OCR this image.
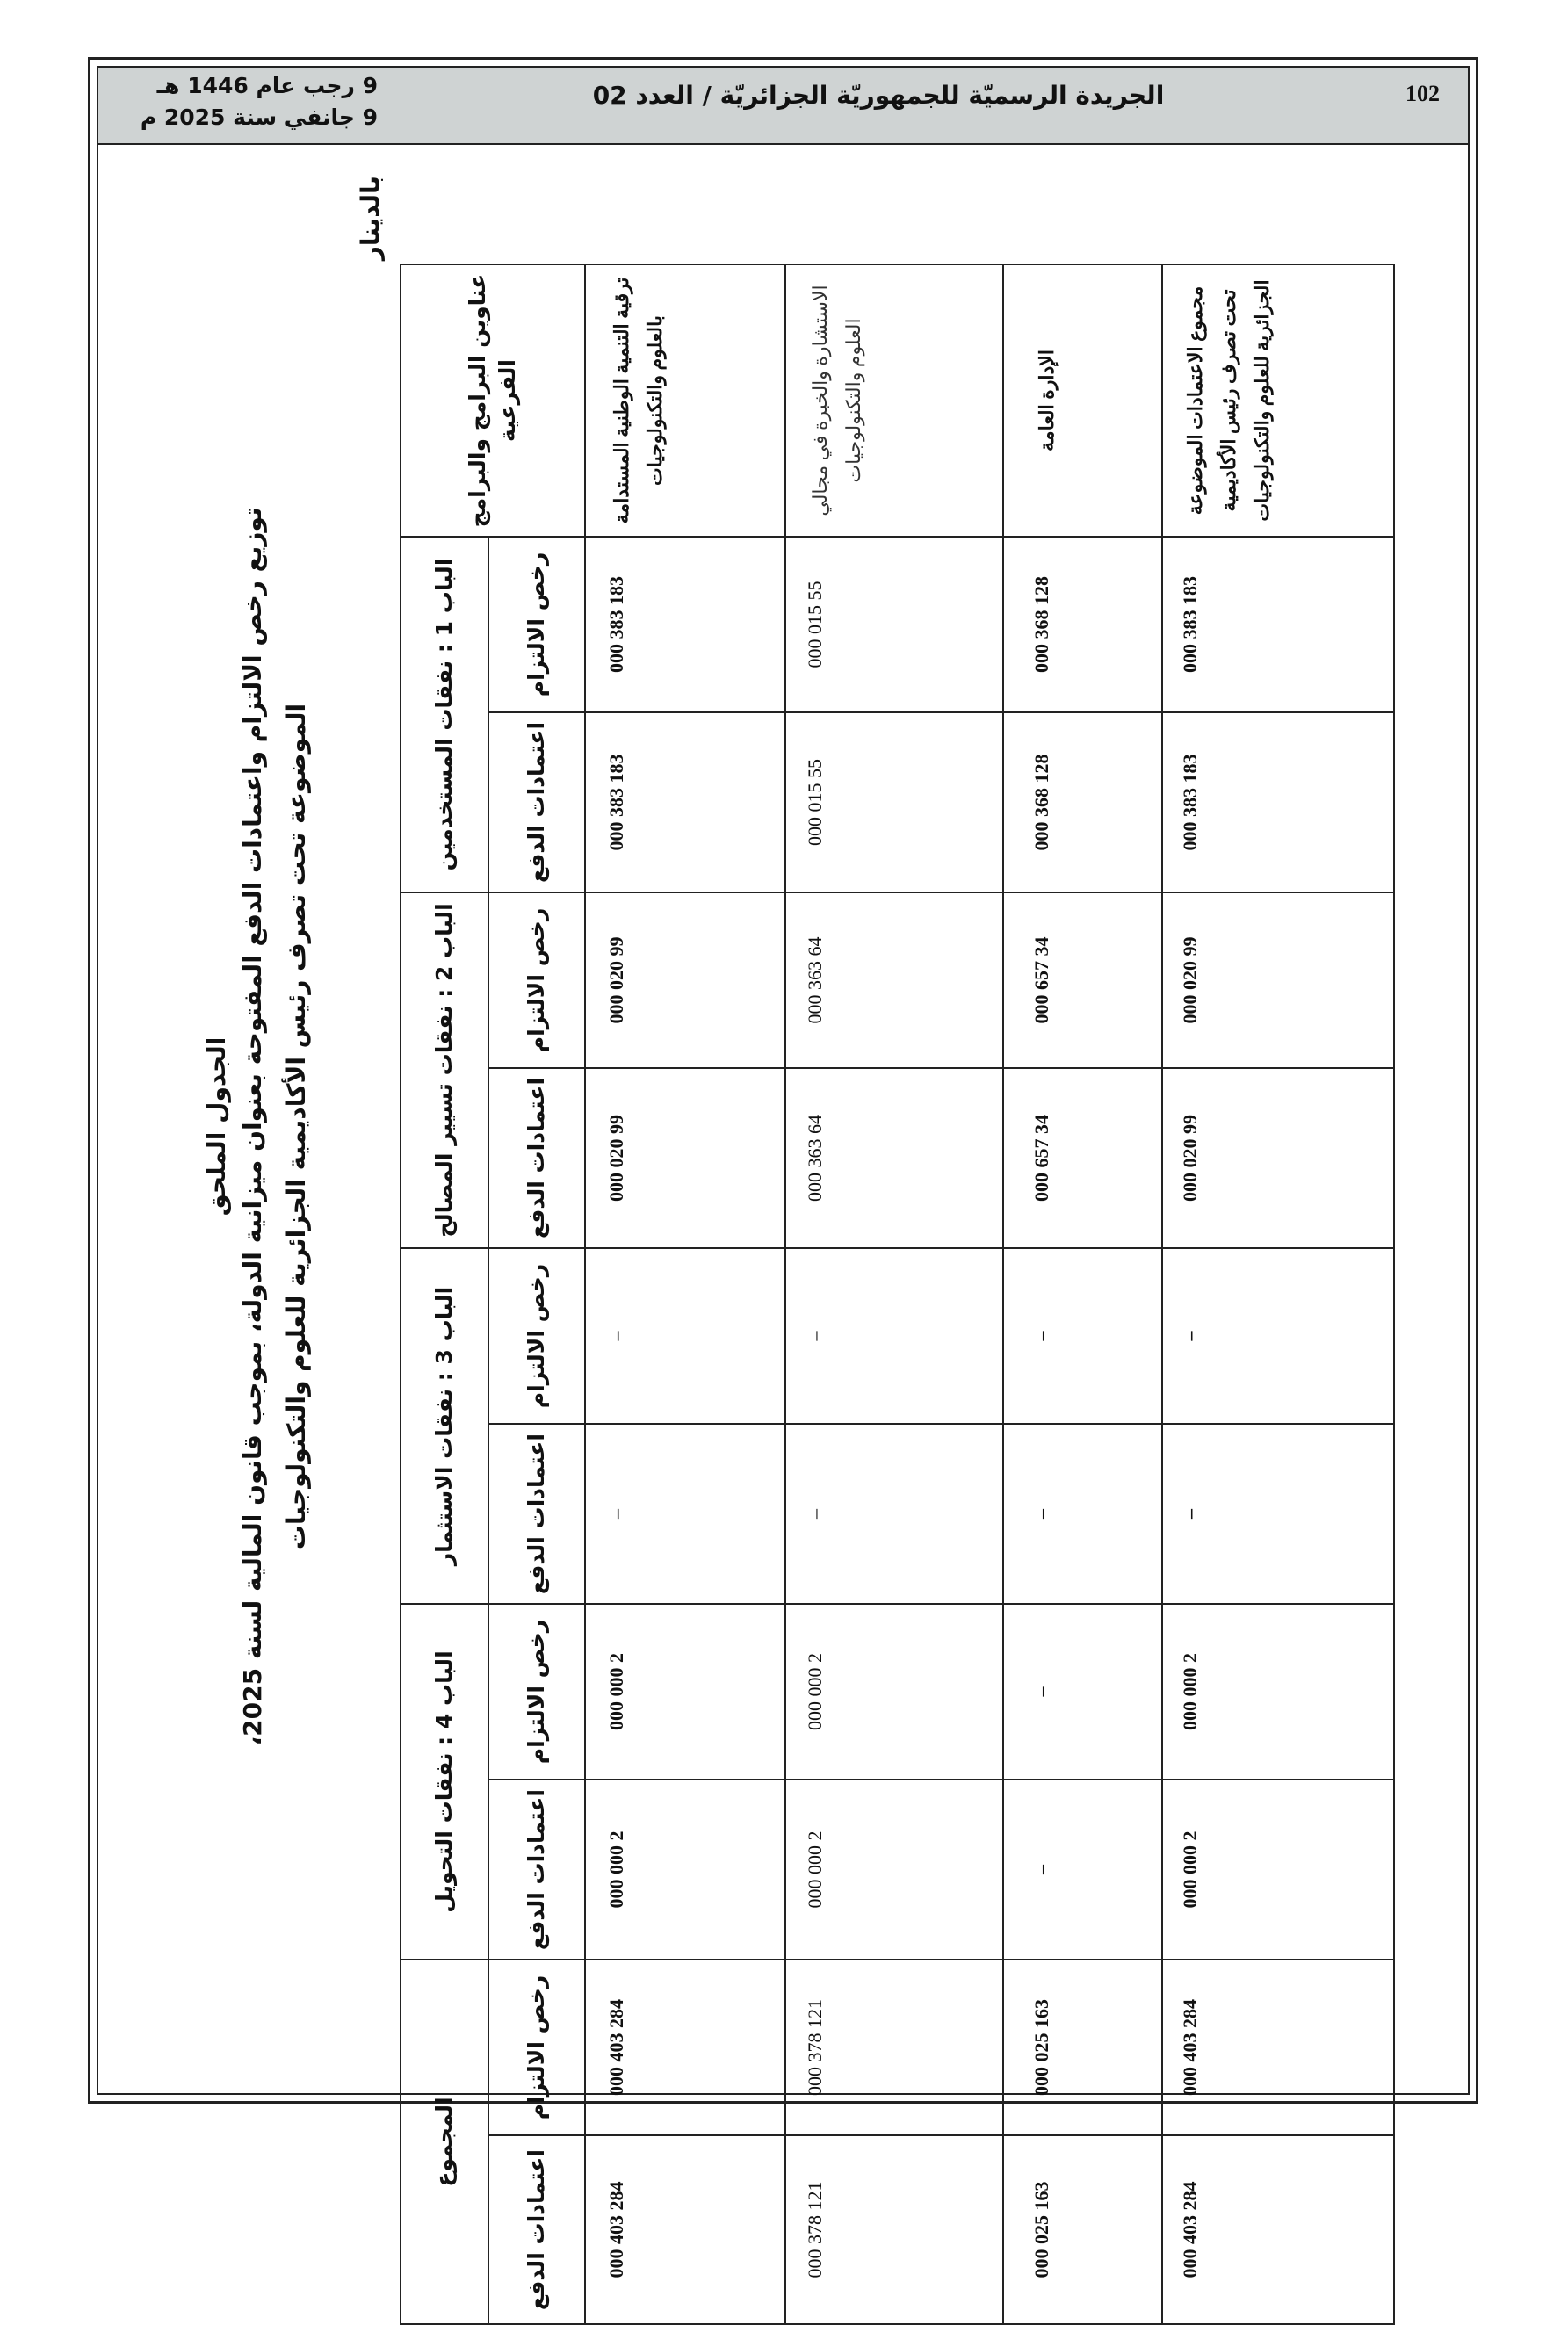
102
الجريدة الرسميّة للجمهوريّة الجزائريّة / العدد 02
9 رجب عام 1446 هـ
9 جانفي سنة 2025 م
الجدول الملحق
توزيع رخص الالتزام واعتمادات الدفع المفتوحة بعنوان ميزانية الدولة، بموجب قانون المالية لسنة 2025، الموضوعة تحت تصرف رئيس الأكاديمية الجزائرية للعلوم والتكنولوجيات
بالدينار
عناوين البرامج والبرامج الفرعية	الباب 1 : نفقات المستخدمين		الباب 2 : نفقات تسيير المصالح		الباب 3 : نفقات الاستثمار		الباب 4 : نفقات التحويل		المجموع	
	رخص الالتزام	اعتمادات الدفع	رخص الالتزام	اعتمادات الدفع	رخص الالتزام	اعتمادات الدفع	رخص الالتزام	اعتمادات الدفع	رخص الالتزام	اعتمادات الدفع
ترقية التنمية الوطنية المستدامة بالعلوم والتكنولوجيات	183 383 000	183 383 000	99 020 000	99 020 000	–	–	2 000 000	2 000 000	284 403 000	284 403 000
الاستشارة والخبرة في مجالي العلوم والتكنولوجيات	55 015 000	55 015 000	64 363 000	64 363 000	–	–	2 000 000	2 000 000	121 378 000	121 378 000
الإدارة العامة	128 368 000	128 368 000	34 657 000	34 657 000	–	–	–	–	163 025 000	163 025 000
مجموع الاعتمادات الموضوعة تحت تصرف رئيس الأكاديمية الجزائرية للعلوم والتكنولوجيات	183 383 000	183 383 000	99 020 000	99 020 000	–	–	2 000 000	2 000 000	284 403 000	284 403 000
